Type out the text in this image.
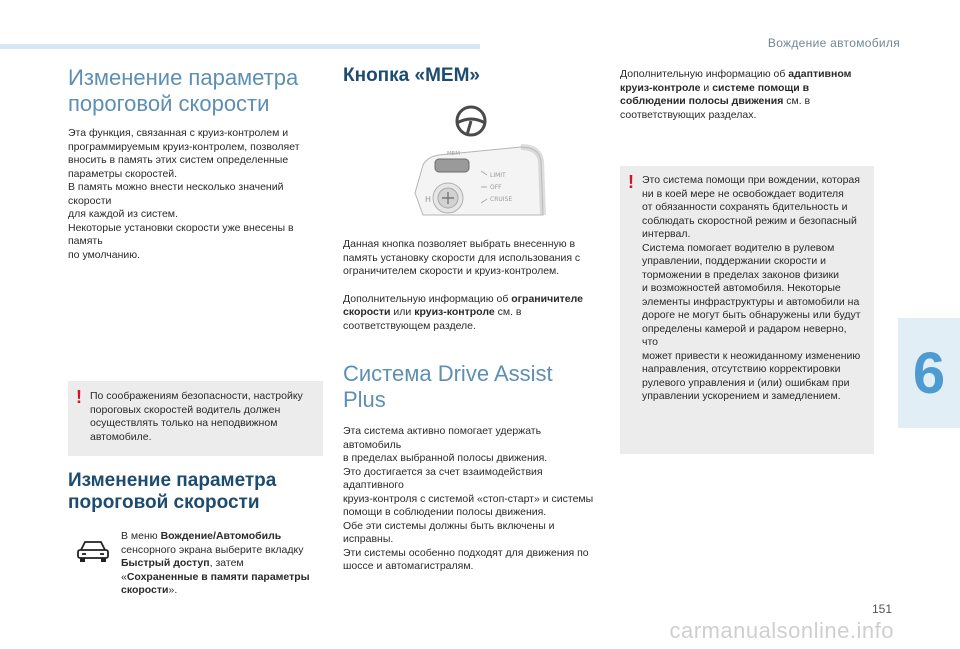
Вождение автомобиля
6
151
carmanualsonline.info
Изменение параметра пороговой скорости

Эта функция, связанная с круиз-контролем и

программируемым круиз-контролем, позволяет

вносить в память этих систем определенные

параметры скоростей.

В память можно внести несколько значений скорости

для каждой из систем.

Некоторые установки скорости уже внесены в память

по умолчанию.

! По соображениям безопасности, настройку

пороговых скоростей водитель должен

осуществлять только на неподвижном

автомобиле.

Изменение параметра пороговой скорости

В меню Вождение/Автомобиль сенсорного экрана выберите вкладку Быстрый доступ, затем «Сохраненные в памяти параметры скорости».

Кнопка «MEM»
H
MEM
LIMIT
OFF
CRUISE

Данная кнопка позволяет выбрать внесенную в

память установку скорости для использования с

ограничителем скорости и круиз-контролем.

Дополнительную информацию об ограничителе скорости или круиз-контроле см. в соответствующем разделе.

Система Drive Assist Plus

Эта система активно помогает удержать автомобиль

в пределах выбранной полосы движения.

Это достигается за счет взаимодействия адаптивного

круиз-контроля с системой «стоп-старт» и системы

помощи в соблюдении полосы движения.

Обе эти системы должны быть включены и исправны.

Эти системы особенно подходят для движения по

шоссе и автомагистралям.

Дополнительную информацию об адаптивном круиз-контроле и системе помощи в соблюдении полосы движения см. в соответствующих разделах.

! Это система помощи при вождении, которая

ни в коей мере не освобождает водителя

от обязанности сохранять бдительность и

соблюдать скоростной режим и безопасный

интервал.

Система помогает водителю в рулевом

управлении, поддержании скорости и

торможении в пределах законов физики

и возможностей автомобиля. Некоторые

элементы инфраструктуры и автомобили на

дороге не могут быть обнаружены или будут

определены камерой и радаром неверно, что

может привести к неожиданному изменению

направления, отсутствию корректировки

рулевого управления и (или) ошибкам при

управлении ускорением и замедлением.
